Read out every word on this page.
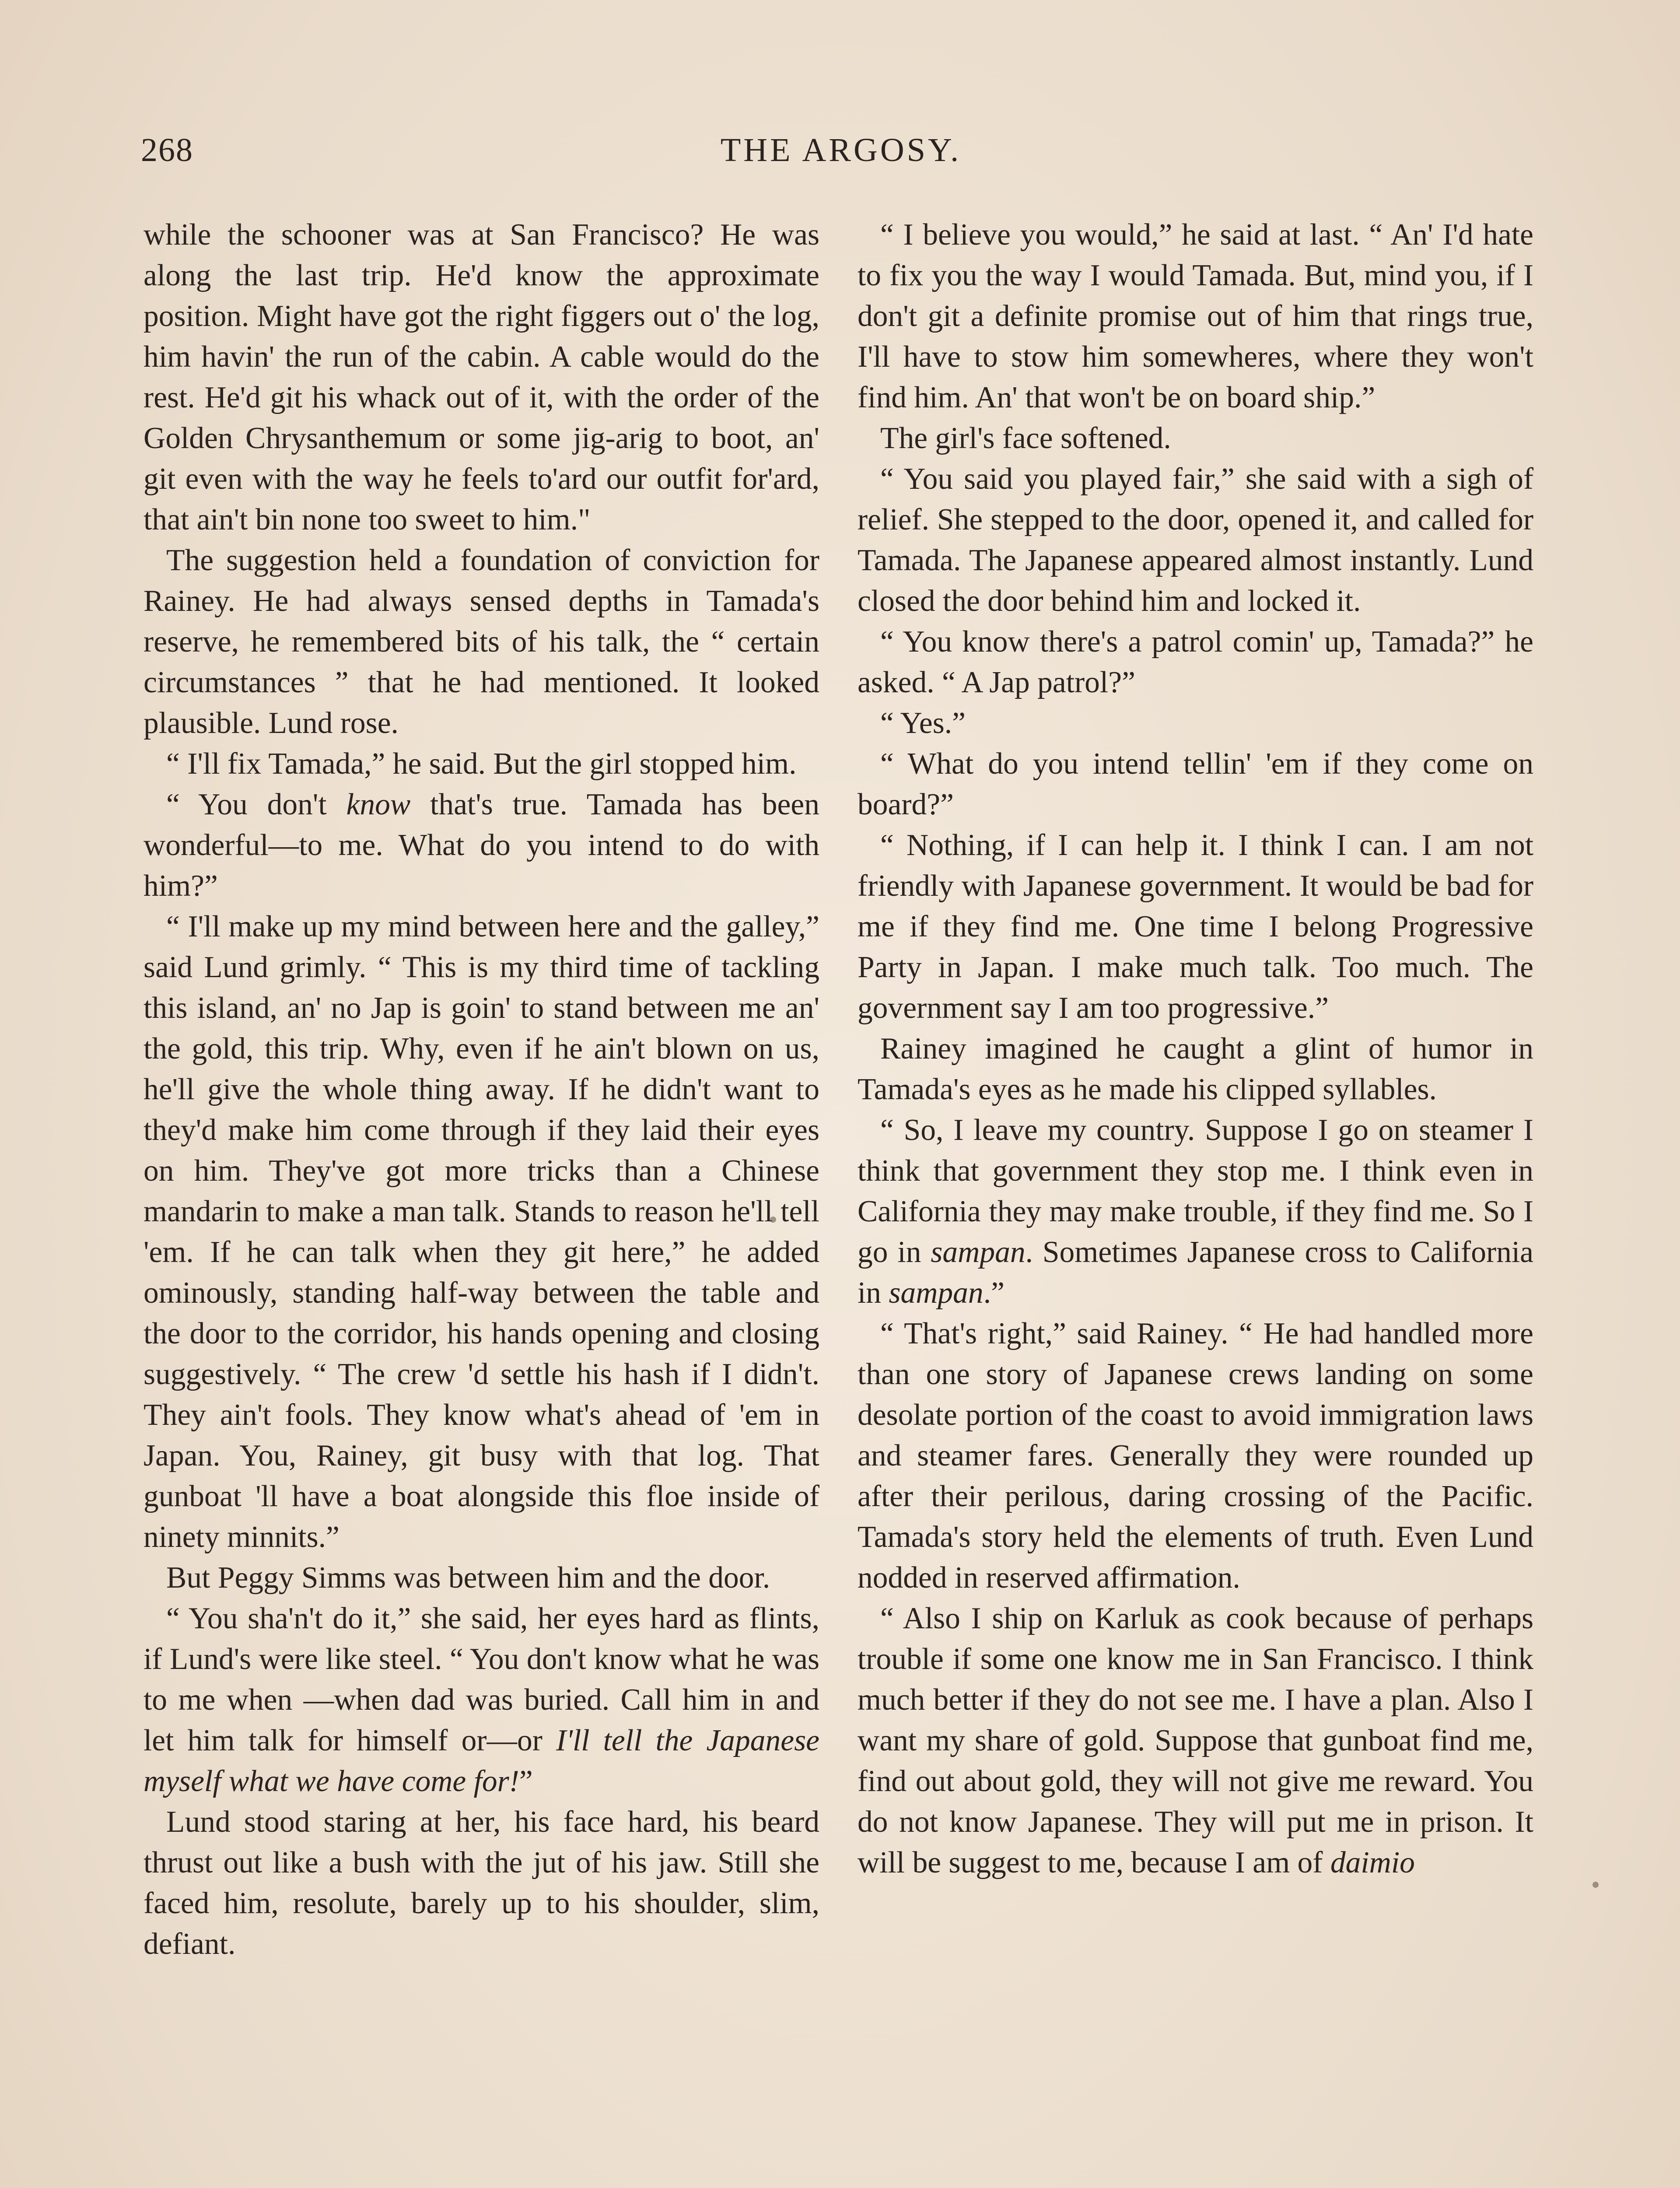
268	THE ARGOSY.

while the schooner was at San Francisco? He was along the last trip. He'd know the approximate position. Might have got the right figgers out o' the log, him havin' the run of the cabin. A cable would do the rest. He'd git his whack out of it, with the order of the Golden Chrysanthemum or some jig-arig to boot, an' git even with the way he feels to'ard our outfit for'ard, that ain't bin none too sweet to him."

The suggestion held a foundation of conviction for Rainey. He had always sensed depths in Tamada's reserve, he remembered bits of his talk, the “ certain circumstances ” that he had mentioned. It looked plausible. Lund rose.

“ I'll fix Tamada,” he said. But the girl stopped him.

“ You don't know that's true. Tamada has been wonderful—to me. What do you intend to do with him?”

“ I'll make up my mind between here and the galley,” said Lund grimly. “ This is my third time of tackling this island, an' no Jap is goin' to stand between me an' the gold, this trip. Why, even if he ain't blown on us, he'll give the whole thing away. If he didn't want to they'd make him come through if they laid their eyes on him. They've got more tricks than a Chinese mandarin to make a man talk. Stands to reason he'll tell 'em. If he can talk when they git here,” he added ominously, standing half-way between the table and the door to the corridor, his hands opening and closing suggestively. “ The crew 'd settle his hash if I didn't. They ain't fools. They know what's ahead of 'em in Japan. You, Rainey, git busy with that log. That gunboat 'll have a boat alongside this floe inside of ninety minnits.”

But Peggy Simms was between him and the door.

“ You sha'n't do it,” she said, her eyes hard as flints, if Lund's were like steel. “ You don't know what he was to me when —when dad was buried. Call him in and let him talk for himself or—or I'll tell the Japanese myself what we have come for!”

Lund stood staring at her, his face hard, his beard thrust out like a bush with the jut of his jaw. Still she faced him, resolute, barely up to his shoulder, slim, defiant.

“ I believe you would,” he said at last. “ An' I'd hate to fix you the way I would Tamada. But, mind you, if I don't git a definite promise out of him that rings true, I'll have to stow him somewheres, where they won't find him. An' that won't be on board ship.”

The girl's face softened.

“ You said you played fair,” she said with a sigh of relief. She stepped to the door, opened it, and called for Tamada. The Japanese appeared almost instantly. Lund closed the door behind him and locked it.

“ You know there's a patrol comin' up, Tamada?” he asked. “ A Jap patrol?”

“ Yes.”

“ What do you intend tellin' 'em if they come on board?”

“ Nothing, if I can help it. I think I can. I am not friendly with Japanese government. It would be bad for me if they find me. One time I belong Progressive Party in Japan. I make much talk. Too much. The government say I am too progressive.”

Rainey imagined he caught a glint of humor in Tamada's eyes as he made his clipped syllables.

“ So, I leave my country. Suppose I go on steamer I think that government they stop me. I think even in California they may make trouble, if they find me. So I go in sampan. Sometimes Japanese cross to California in sampan.”

“ That's right,” said Rainey. “ He had handled more than one story of Japanese crews landing on some desolate portion of the coast to avoid immigration laws and steamer fares. Generally they were rounded up after their perilous, daring crossing of the Pacific. Tamada's story held the elements of truth. Even Lund nodded in reserved affirmation.

“ Also I ship on Karluk as cook because of perhaps trouble if some one know me in San Francisco. I think much better if they do not see me. I have a plan. Also I want my share of gold. Suppose that gunboat find me, find out about gold, they will not give me reward. You do not know Japanese. They will put me in prison. It will be suggest to me, because I am of daimio
